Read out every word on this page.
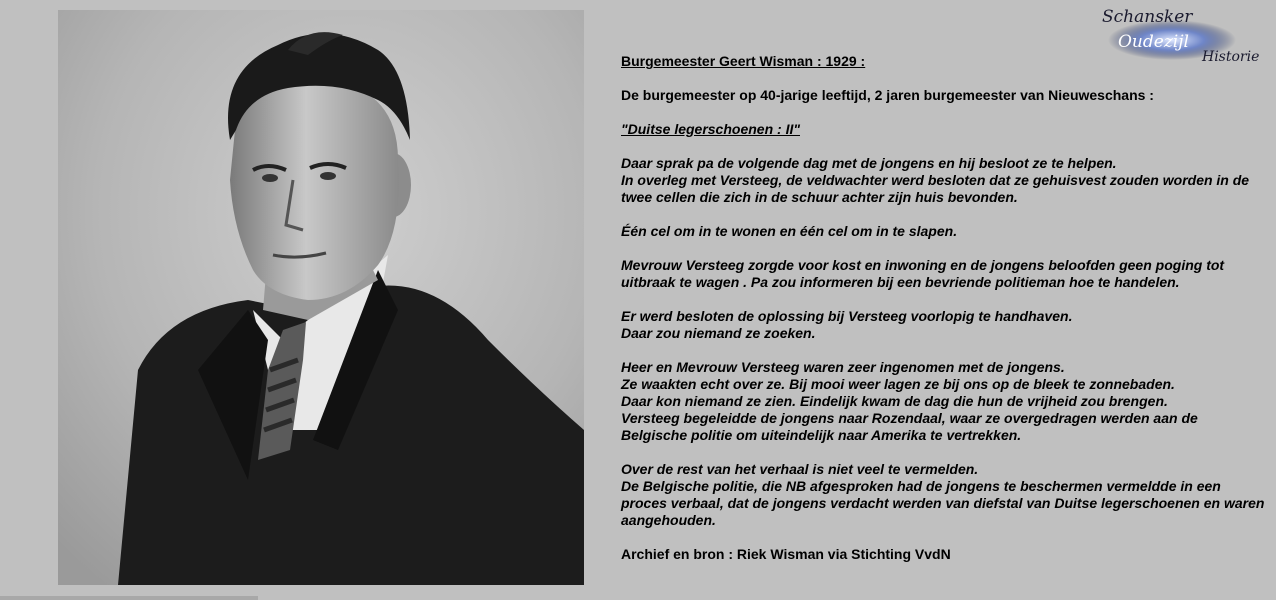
Schansker
Oudezijl
Historie

Burgemeester Geert Wisman : 1929 :

De burgemeester op 40-jarige leeftijd, 2 jaren burgemeester van Nieuweschans :

"Duitse legerschoenen : II"

Daar sprak pa de volgende dag met de jongens en hij besloot ze te helpen.
In overleg met Versteeg, de veldwachter werd besloten dat ze gehuisvest zouden worden in de twee cellen die zich in de schuur achter zijn huis bevonden.

Één cel om in te wonen en één cel om in te slapen.

Mevrouw Versteeg zorgde voor kost en inwoning en de jongens beloofden geen poging tot uitbraak te wagen . Pa zou informeren bij een bevriende politieman hoe te handelen.

Er werd besloten de oplossing bij Versteeg voorlopig te handhaven.
Daar zou niemand ze zoeken.

Heer en Mevrouw Versteeg waren zeer ingenomen met de jongens.
Ze waakten echt over ze. Bij mooi weer lagen ze bij ons op de bleek te zonnebaden.
Daar kon niemand ze zien. Eindelijk kwam de dag die hun de vrijheid zou brengen.
Versteeg begeleidde de jongens naar Rozendaal, waar ze overgedragen werden aan de Belgische politie om uiteindelijk naar Amerika te vertrekken.

Over de rest van het verhaal is niet veel te vermelden.
De Belgische politie, die NB afgesproken had de jongens te beschermen vermeldde in een proces verbaal, dat de jongens verdacht werden van diefstal van Duitse legerschoenen en waren aangehouden.

Archief en bron : Riek Wisman via Stichting VvdN
